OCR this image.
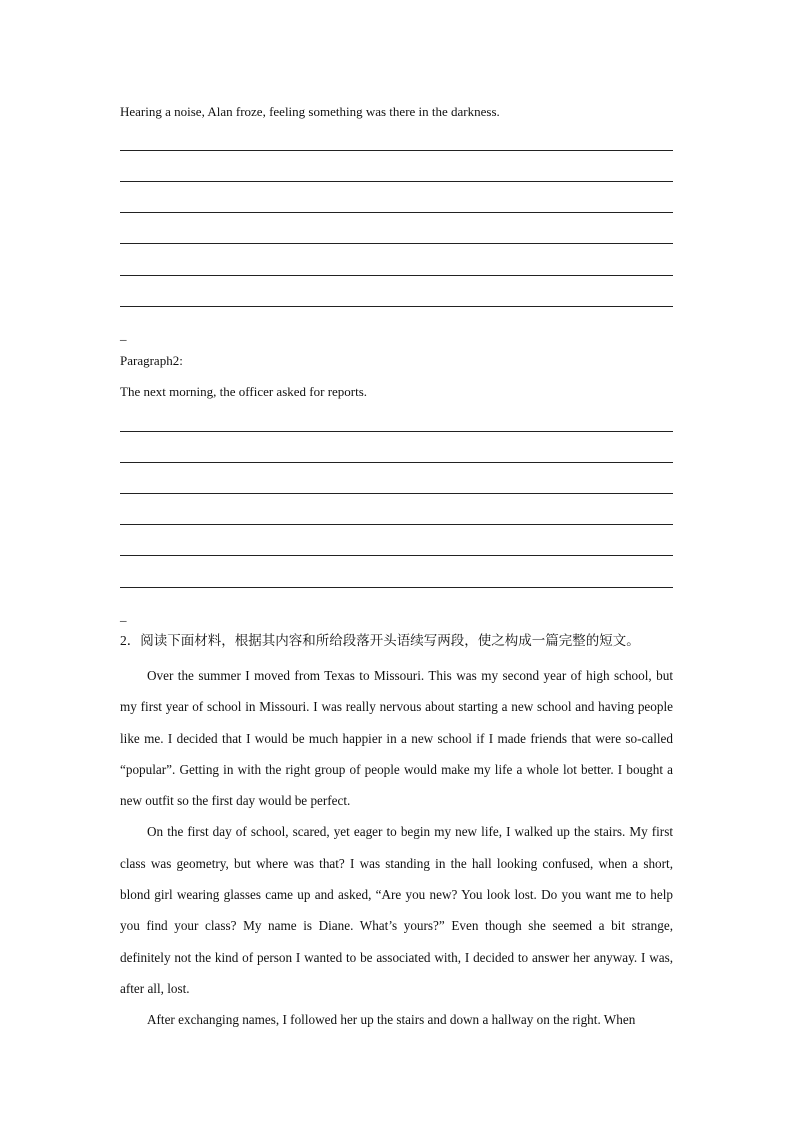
Hearing a noise, Alan froze, feeling something was there in the darkness.
_
Paragraph2:
The next morning, the officer asked for reports.
_
2．阅读下面材料，根据其内容和所给段落开头语续写两段，使之构成一篇完整的短文。

Over the summer I moved from Texas to Missouri. This was my second year of high school, but my first year of school in Missouri. I was really nervous about starting a new school and having people like me. I decided that I would be much happier in a new school if I made friends that were so-called “popular”. Getting in with the right group of people would make my life a whole lot better. I bought a new outfit so the first day would be perfect.

On the first day of school, scared, yet eager to begin my new life, I walked up the stairs. My first class was geometry, but where was that? I was standing in the hall looking confused, when a short, blond girl wearing glasses came up and asked, “Are you new? You look lost. Do you want me to help you find your class? My name is Diane. What’s yours?” Even though she seemed a bit strange, definitely not the kind of person I wanted to be associated with, I decided to answer her anyway. I was, after all, lost.

After exchanging names, I followed her up the stairs and down a hallway on the right. When
